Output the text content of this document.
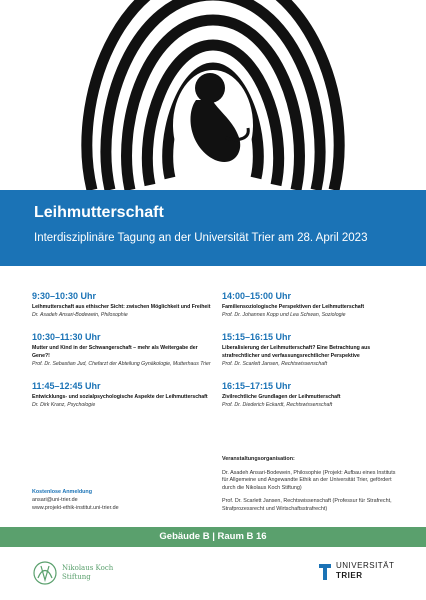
Leihmutterschaft
Interdisziplinäre Tagung an der Universität Trier am 28. April 2023
9:30–10:30 Uhr
Leihmutterschaft aus ethischer Sicht: zwischen Möglichkeit und Freiheit
Dr. Asadeh Ansari-Bodewein, Philosophie
10:30–11:30 Uhr
Mutter und Kind in der Schwangerschaft – mehr als Weitergabe der Gene?!
Prof. Dr. Sebastian Jud, Chefarzt der Abteilung Gynäkologie, Mutterhaus Trier
11:45–12:45 Uhr
Entwicklungs- und sozialpsychologische Aspekte der Leihmutterschaft
Dr. Dirk Kranz, Psychologie
14:00–15:00 Uhr
Familiensoziologische Perspektiven der Leihmutterschaft
Prof. Dr. Johannes Kopp und Lea Schwan, Soziologie
15:15–16:15 Uhr
Liberalisierung der Leihmutterschaft? Eine Betrachtung aus strafrechtlicher und verfassungsrechtlicher Perspektive
Prof. Dr. Scarlett Jansen, Rechtswissenschaft
16:15–17:15 Uhr
Zivilrechtliche Grundlagen der Leihmutterschaft
Prof. Dr. Diederich Eckardt, Rechtswissenschaft
Kostenlose Anmeldung
ansari@uni-trier.de
www.projekt-ethik-institut.uni-trier.de

Veranstaltungsorganisation:

Dr. Asadeh Ansari-Bodewein, Philosophie (Projekt: Aufbau eines Instituts für Allgemeine und Angewandte Ethik an der Universität Trier, gefördert durch die Nikolaus Koch Stiftung)

Prof. Dr. Scarlett Jansen, Rechtswissenschaft (Professur für Strafrecht, Strafprozessrecht und Wirtschaftsstrafrecht)

Gebäude B | Raum B 16
Nikolaus Koch
Stiftung
UNIVERSITÄT
TRIER
